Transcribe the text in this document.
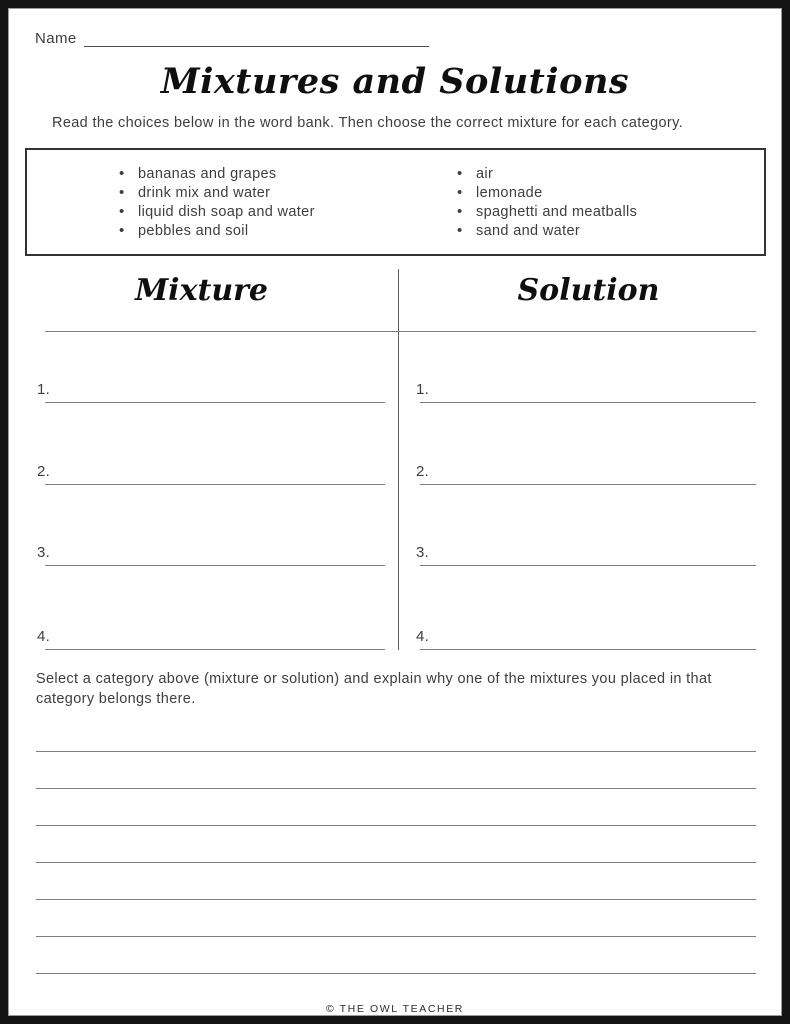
Name
Mixtures and Solutions
Read the choices below in the word bank. Then choose the correct mixture for each category.
• bananas and grapes
• drink mix and water
• liquid dish soap and water
• pebbles and soil
• air
• lemonade
• spaghetti and meatballs
• sand and water
Mixture	Solution
1.	1.
2.	2.
3.	3.
4.	4.
Select a category above (mixture or solution) and explain why one of the mixtures you placed in that category belongs there.
© THE OWL TEACHER
